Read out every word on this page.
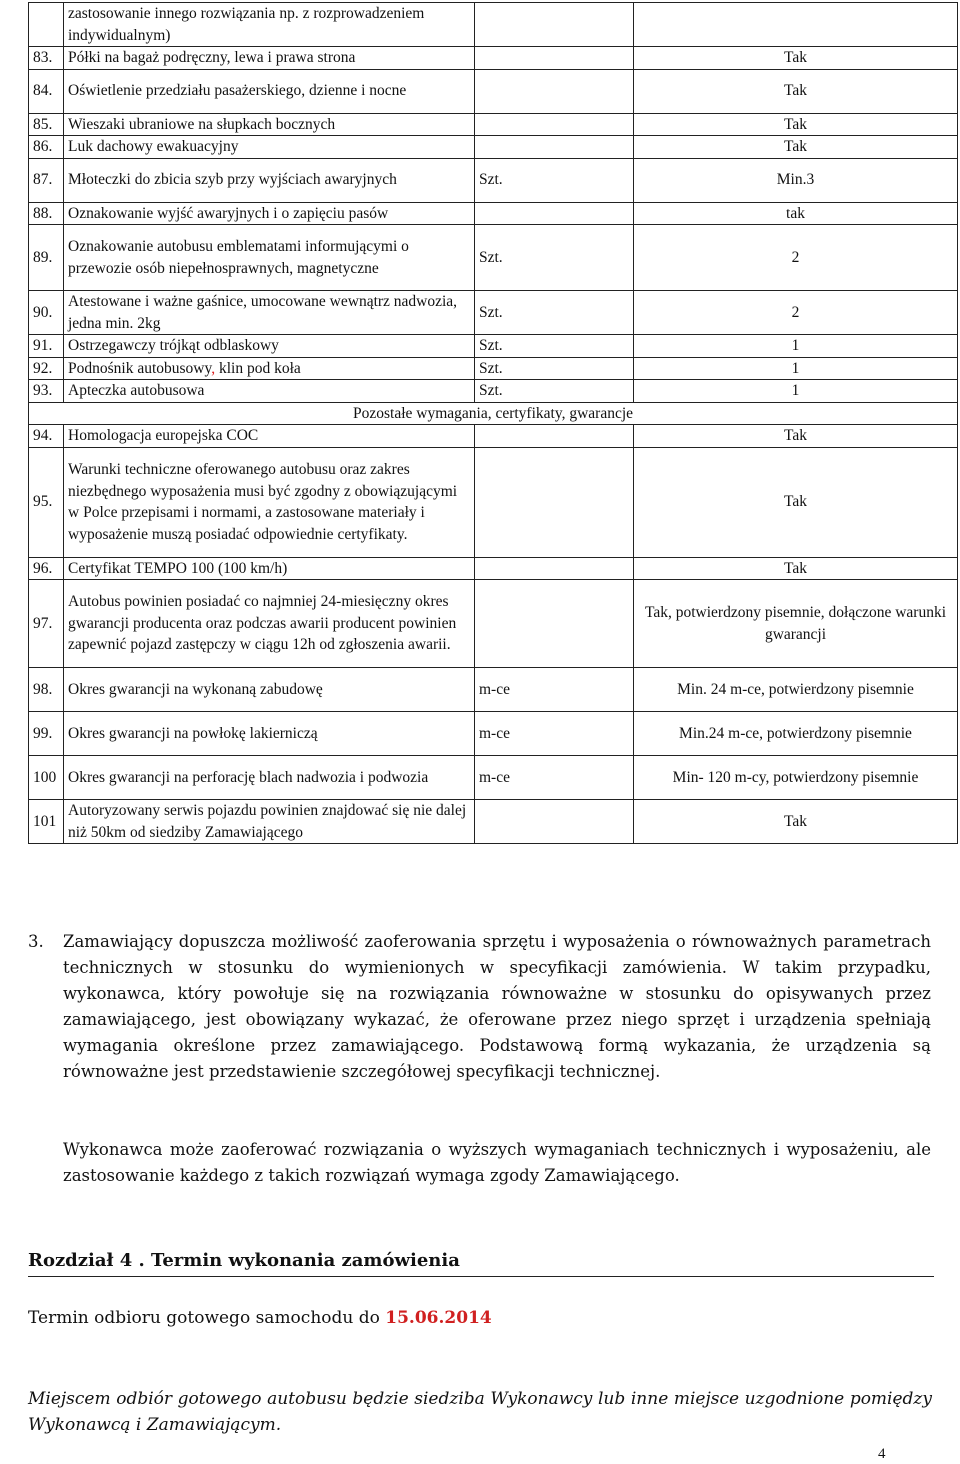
	zastosowanie innego rozwiązania np. z rozprowadzeniem indywidualnym)		
83.	Półki na bagaż podręczny, lewa i prawa strona		Tak
84.	Oświetlenie przedziału pasażerskiego, dzienne i nocne		Tak
85.	Wieszaki ubraniowe na słupkach bocznych		Tak
86.	Luk dachowy ewakuacyjny		Tak
87.	Młoteczki do zbicia szyb przy wyjściach awaryjnych	Szt.	Min.3
88.	Oznakowanie wyjść awaryjnych i o zapięciu pasów		tak
89.	Oznakowanie autobusu emblematami informującymi o przewozie osób niepełnosprawnych, magnetyczne	Szt.	2
90.	Atestowane i ważne gaśnice, umocowane wewnątrz nadwozia, jedna min. 2kg	Szt.	2
91.	Ostrzegawczy trójkąt odblaskowy	Szt.	1
92.	Podnośnik autobusowy, klin pod koła	Szt.	1
93.	Apteczka autobusowa	Szt.	1
Pozostałe wymagania, certyfikaty, gwarancje			
94.	Homologacja europejska COC		Tak
95.	Warunki techniczne oferowanego autobusu oraz zakres niezbędnego wyposażenia musi być zgodny z obowiązującymi w Polce przepisami i normami, a zastosowane materiały i wyposażenie muszą posiadać odpowiednie certyfikaty.		Tak
96.	Certyfikat TEMPO 100 (100 km/h)		Tak
97.	Autobus powinien posiadać co najmniej 24-miesięczny okres gwarancji producenta oraz podczas awarii producent powinien zapewnić pojazd zastępczy w ciągu 12h od zgłoszenia awarii.		Tak, potwierdzony pisemnie, dołączone warunki gwarancji
98.	Okres gwarancji na wykonaną zabudowę	m-ce	Min. 24 m-ce, potwierdzony pisemnie
99.	Okres gwarancji na powłokę lakierniczą	m-ce	Min.24 m-ce, potwierdzony pisemnie
100	Okres gwarancji na perforację blach nadwozia i podwozia	m-ce	Min- 120 m-cy, potwierdzony pisemnie
101	Autoryzowany serwis pojazdu powinien znajdować się nie dalej niż 50km od siedziby Zamawiającego		Tak

3. Zamawiający dopuszcza możliwość zaoferowania sprzętu i wyposażenia o równoważnych parametrach technicznych w stosunku do wymienionych w specyfikacji zamówienia. W takim przypadku, wykonawca, który powołuje się na rozwiązania równoważne w stosunku do opisywanych przez zamawiającego, jest obowiązany wykazać, że oferowane przez niego sprzęt i urządzenia spełniają wymagania określone przez zamawiającego. Podstawową formą wykazania, że urządzenia są równoważne jest przedstawienie szczegółowej specyfikacji technicznej.

Wykonawca może zaoferować rozwiązania o wyższych wymaganiach technicznych i wyposażeniu, ale zastosowanie każdego z takich rozwiązań wymaga zgody Zamawiającego.

Rozdział 4 . Termin wykonania zamówienia
Termin odbioru gotowego samochodu do 15.06.2014

Miejscem odbiór gotowego autobusu będzie siedziba Wykonawcy lub inne miejsce uzgodnione pomiędzy Wykonawcą i Zamawiającym.

4
